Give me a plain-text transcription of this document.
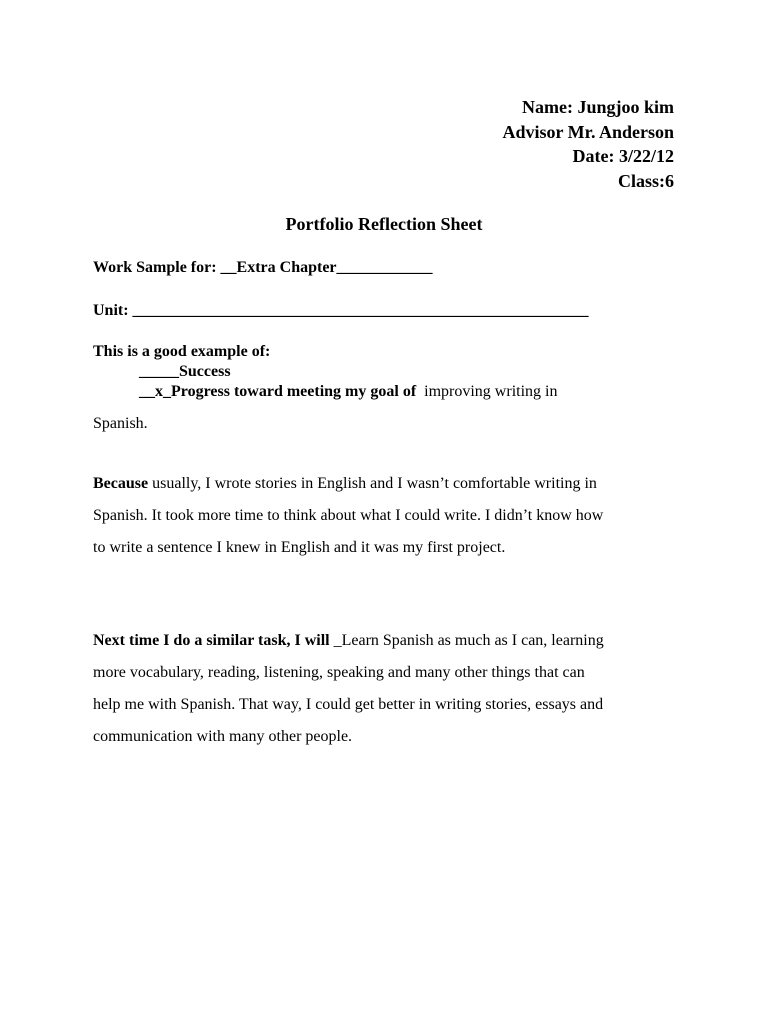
Name: Jungjoo kim
Advisor Mr. Anderson
Date: 3/22/12
Class:6
Portfolio Reflection Sheet
Work Sample for: __Extra Chapter____________
Unit: _________________________________________________________
This is a good example of:
_____Success
__x_Progress toward meeting my goal of improving writing in
Spanish.
Because usually, I wrote stories in English and I wasn’t comfortable writing in
Spanish. It took more time to think about what I could write. I didn’t know how
to write a sentence I knew in English and it was my first project.
Next time I do a similar task, I will _Learn Spanish as much as I can, learning
more vocabulary, reading, listening, speaking and many other things that can
help me with Spanish. That way, I could get better in writing stories, essays and
communication with many other people.
